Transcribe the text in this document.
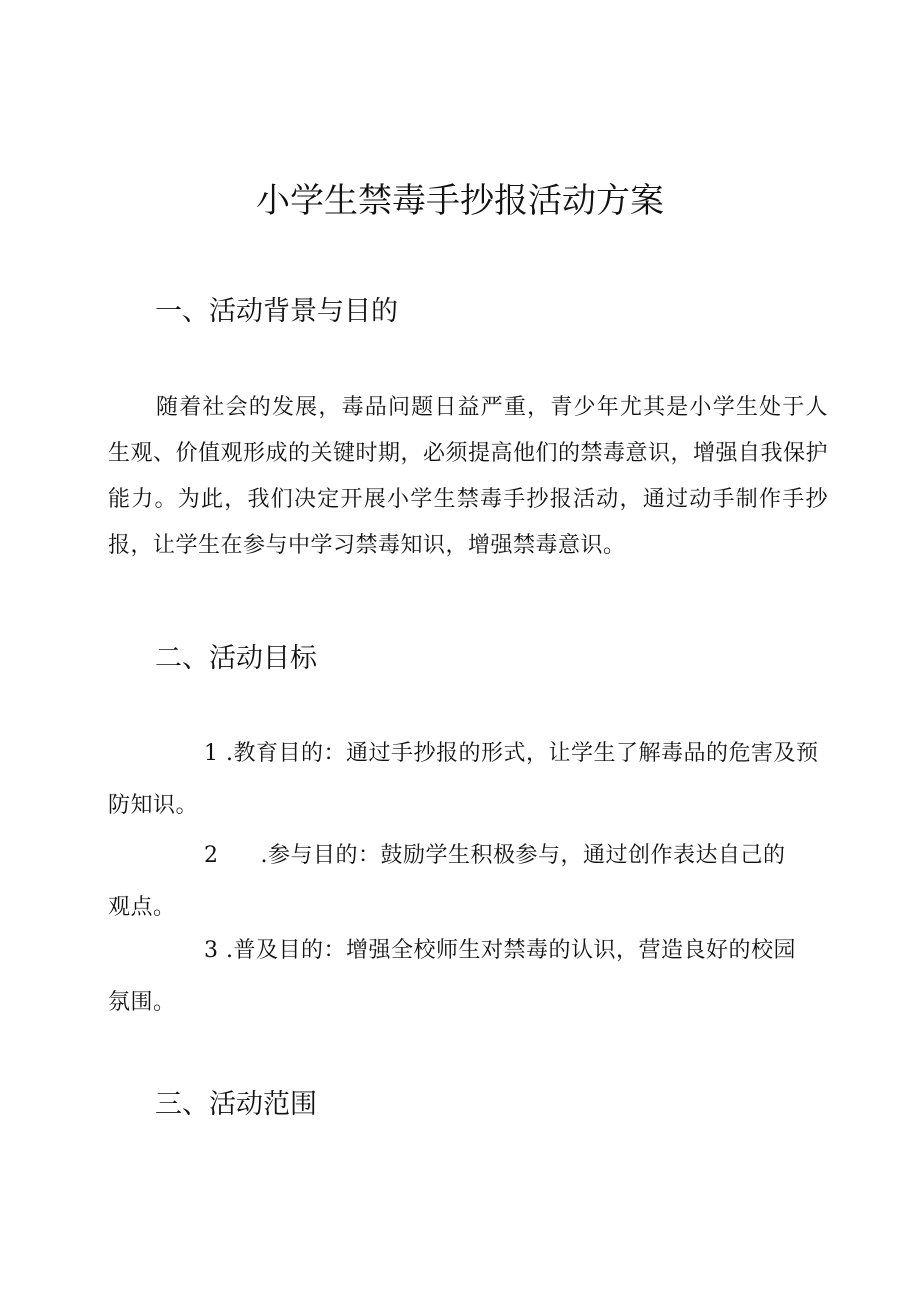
小学生禁毒手抄报活动方案
一、活动背景与目的

随着社会的发展，毒品问题日益严重，青少年尤其是小学生处于人生观、价值观形成的关键时期，必须提高他们的禁毒意识，增强自我保护能力。为此，我们决定开展小学生禁毒手抄报活动，通过动手制作手抄报，让学生在参与中学习禁毒知识，增强禁毒意识。

二、活动目标

1 .教育目的：通过手抄报的形式，让学生了解毒品的危害及预防知识。

2 .参与目的：鼓励学生积极参与，通过创作表达自己的观点。

3 .普及目的：增强全校师生对禁毒的认识，营造良好的校园氛围。

三、活动范围
